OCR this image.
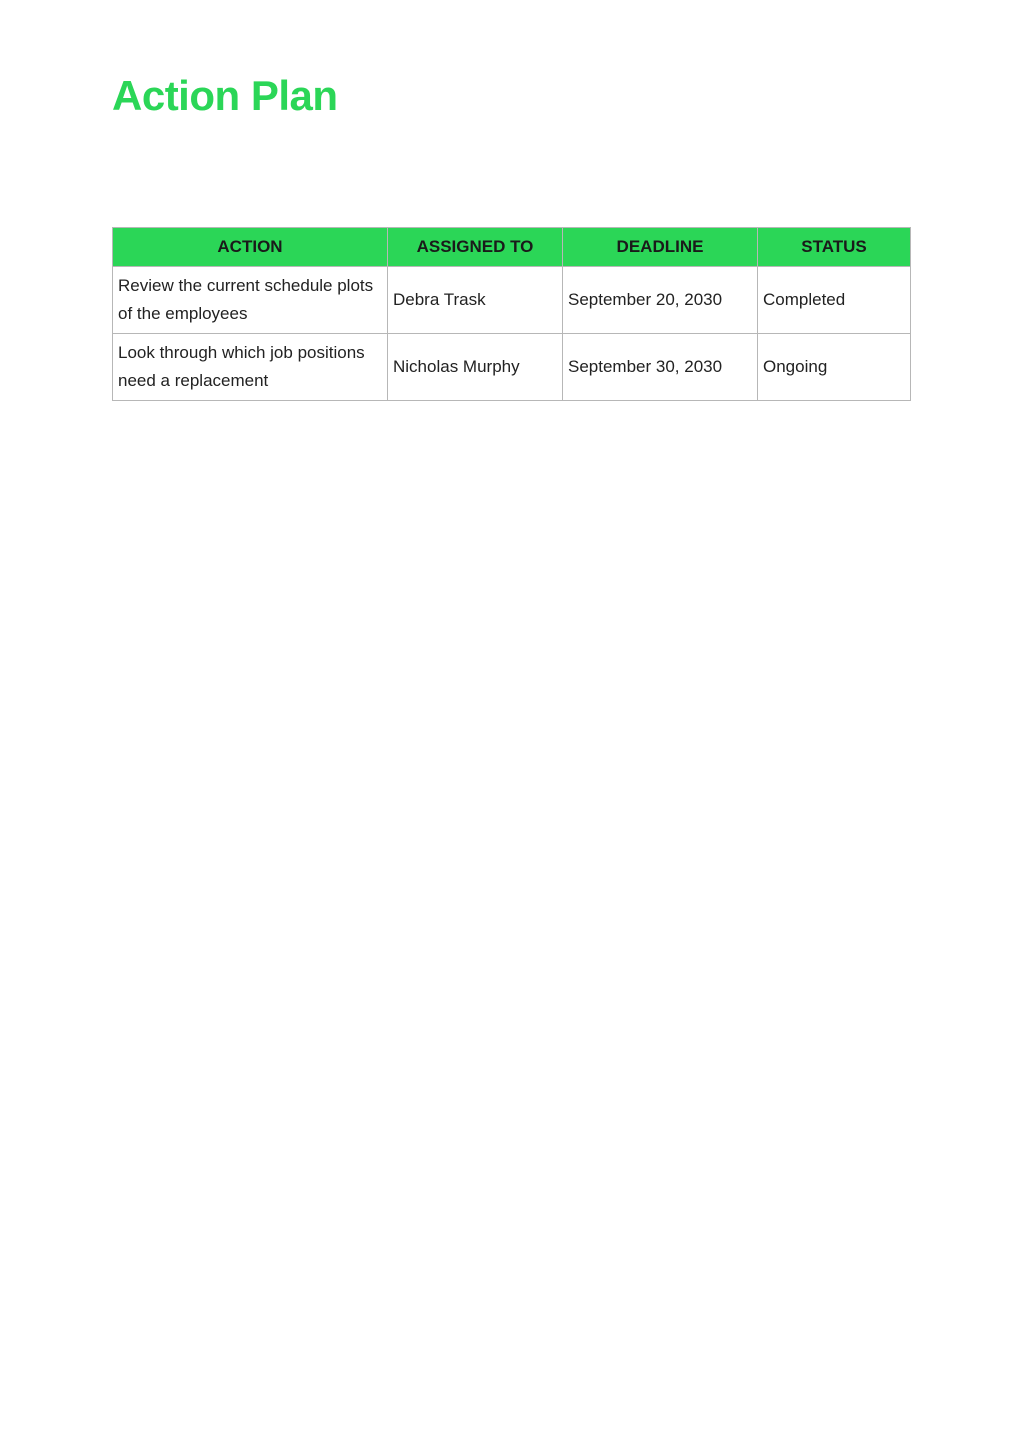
Action Plan
ACTION	ASSIGNED TO	DEADLINE	STATUS
Review the current schedule plots of the employees	Debra Trask	September 20, 2030	Completed
Look through which job positions need a replacement	Nicholas Murphy	September 30, 2030	Ongoing
